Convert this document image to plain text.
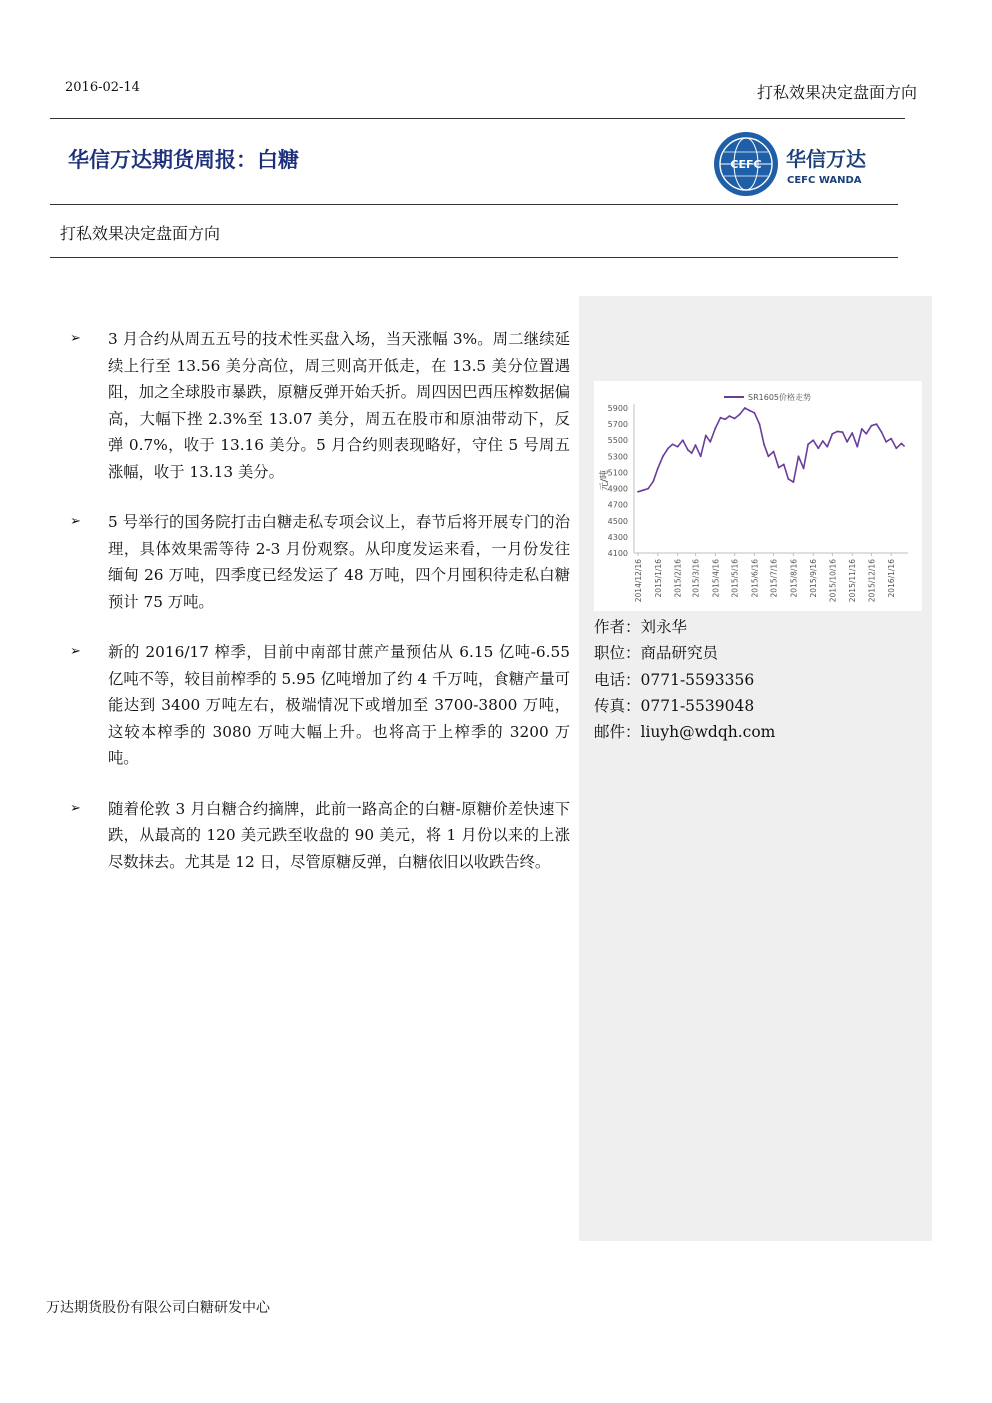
2016-02-14	打私效果决定盘面方向
华信万达期货周报：白糖	CEFC 华信万达
CEFC WANDA
打私效果决定盘面方向
➢ 3 月合约从周五五号的技术性买盘入场，当天涨幅 3%。周二继续延续上行至 13.56 美分高位，周三则高开低走，在 13.5 美分位置遇阻，加之全球股市暴跌，原糖反弹开始夭折。周四因巴西压榨数据偏高，大幅下挫 2.3%至 13.07 美分，周五在股市和原油带动下，反弹 0.7%，收于 13.16 美分。5 月合约则表现略好，守住 5 号周五涨幅，收于 13.13 美分。
➢ 5 号举行的国务院打击白糖走私专项会议上，春节后将开展专门的治理，具体效果需等待 2-3 月份观察。从印度发运来看，一月份发往缅甸 26 万吨，四季度已经发运了 48 万吨，四个月囤积待走私白糖预计 75 万吨。
➢ 新的 2016/17 榨季，目前中南部甘蔗产量预估从 6.15 亿吨-6.55 亿吨不等，较目前榨季的 5.95 亿吨增加了约 4 千万吨，食糖产量可能达到 3400 万吨左右，极端情况下或增加至 3700-3800 万吨，这较本榨季的 3080 万吨大幅上升。也将高于上榨季的 3200 万吨。
➢ 随着伦敦 3 月白糖合约摘牌，此前一路高企的白糖-原糖价差快速下跌，从最高的 120 美元跌至收盘的 90 美元，将 1 月份以来的上涨尽数抹去。尤其是 12 日，尽管原糖反弹，白糖依旧以收跌告终。
4100
4300
4500
4700
4900
5100
5300
5500
5700
5900
元/吨
2014/12/16 2015/1/16 2015/2/16 2015/3/16 2015/4/16 2015/5/16 2015/6/16 2015/7/16 2015/8/16 2015/9/16 2015/10/16 2015/11/16 2015/12/16 2016/1/16
SR1605价格走势
作者：刘永华
职位：商品研究员
电话：0771-5593356
传真：0771-5539048
邮件：liuyh@wdqh.com
万达期货股份有限公司白糖研发中心
